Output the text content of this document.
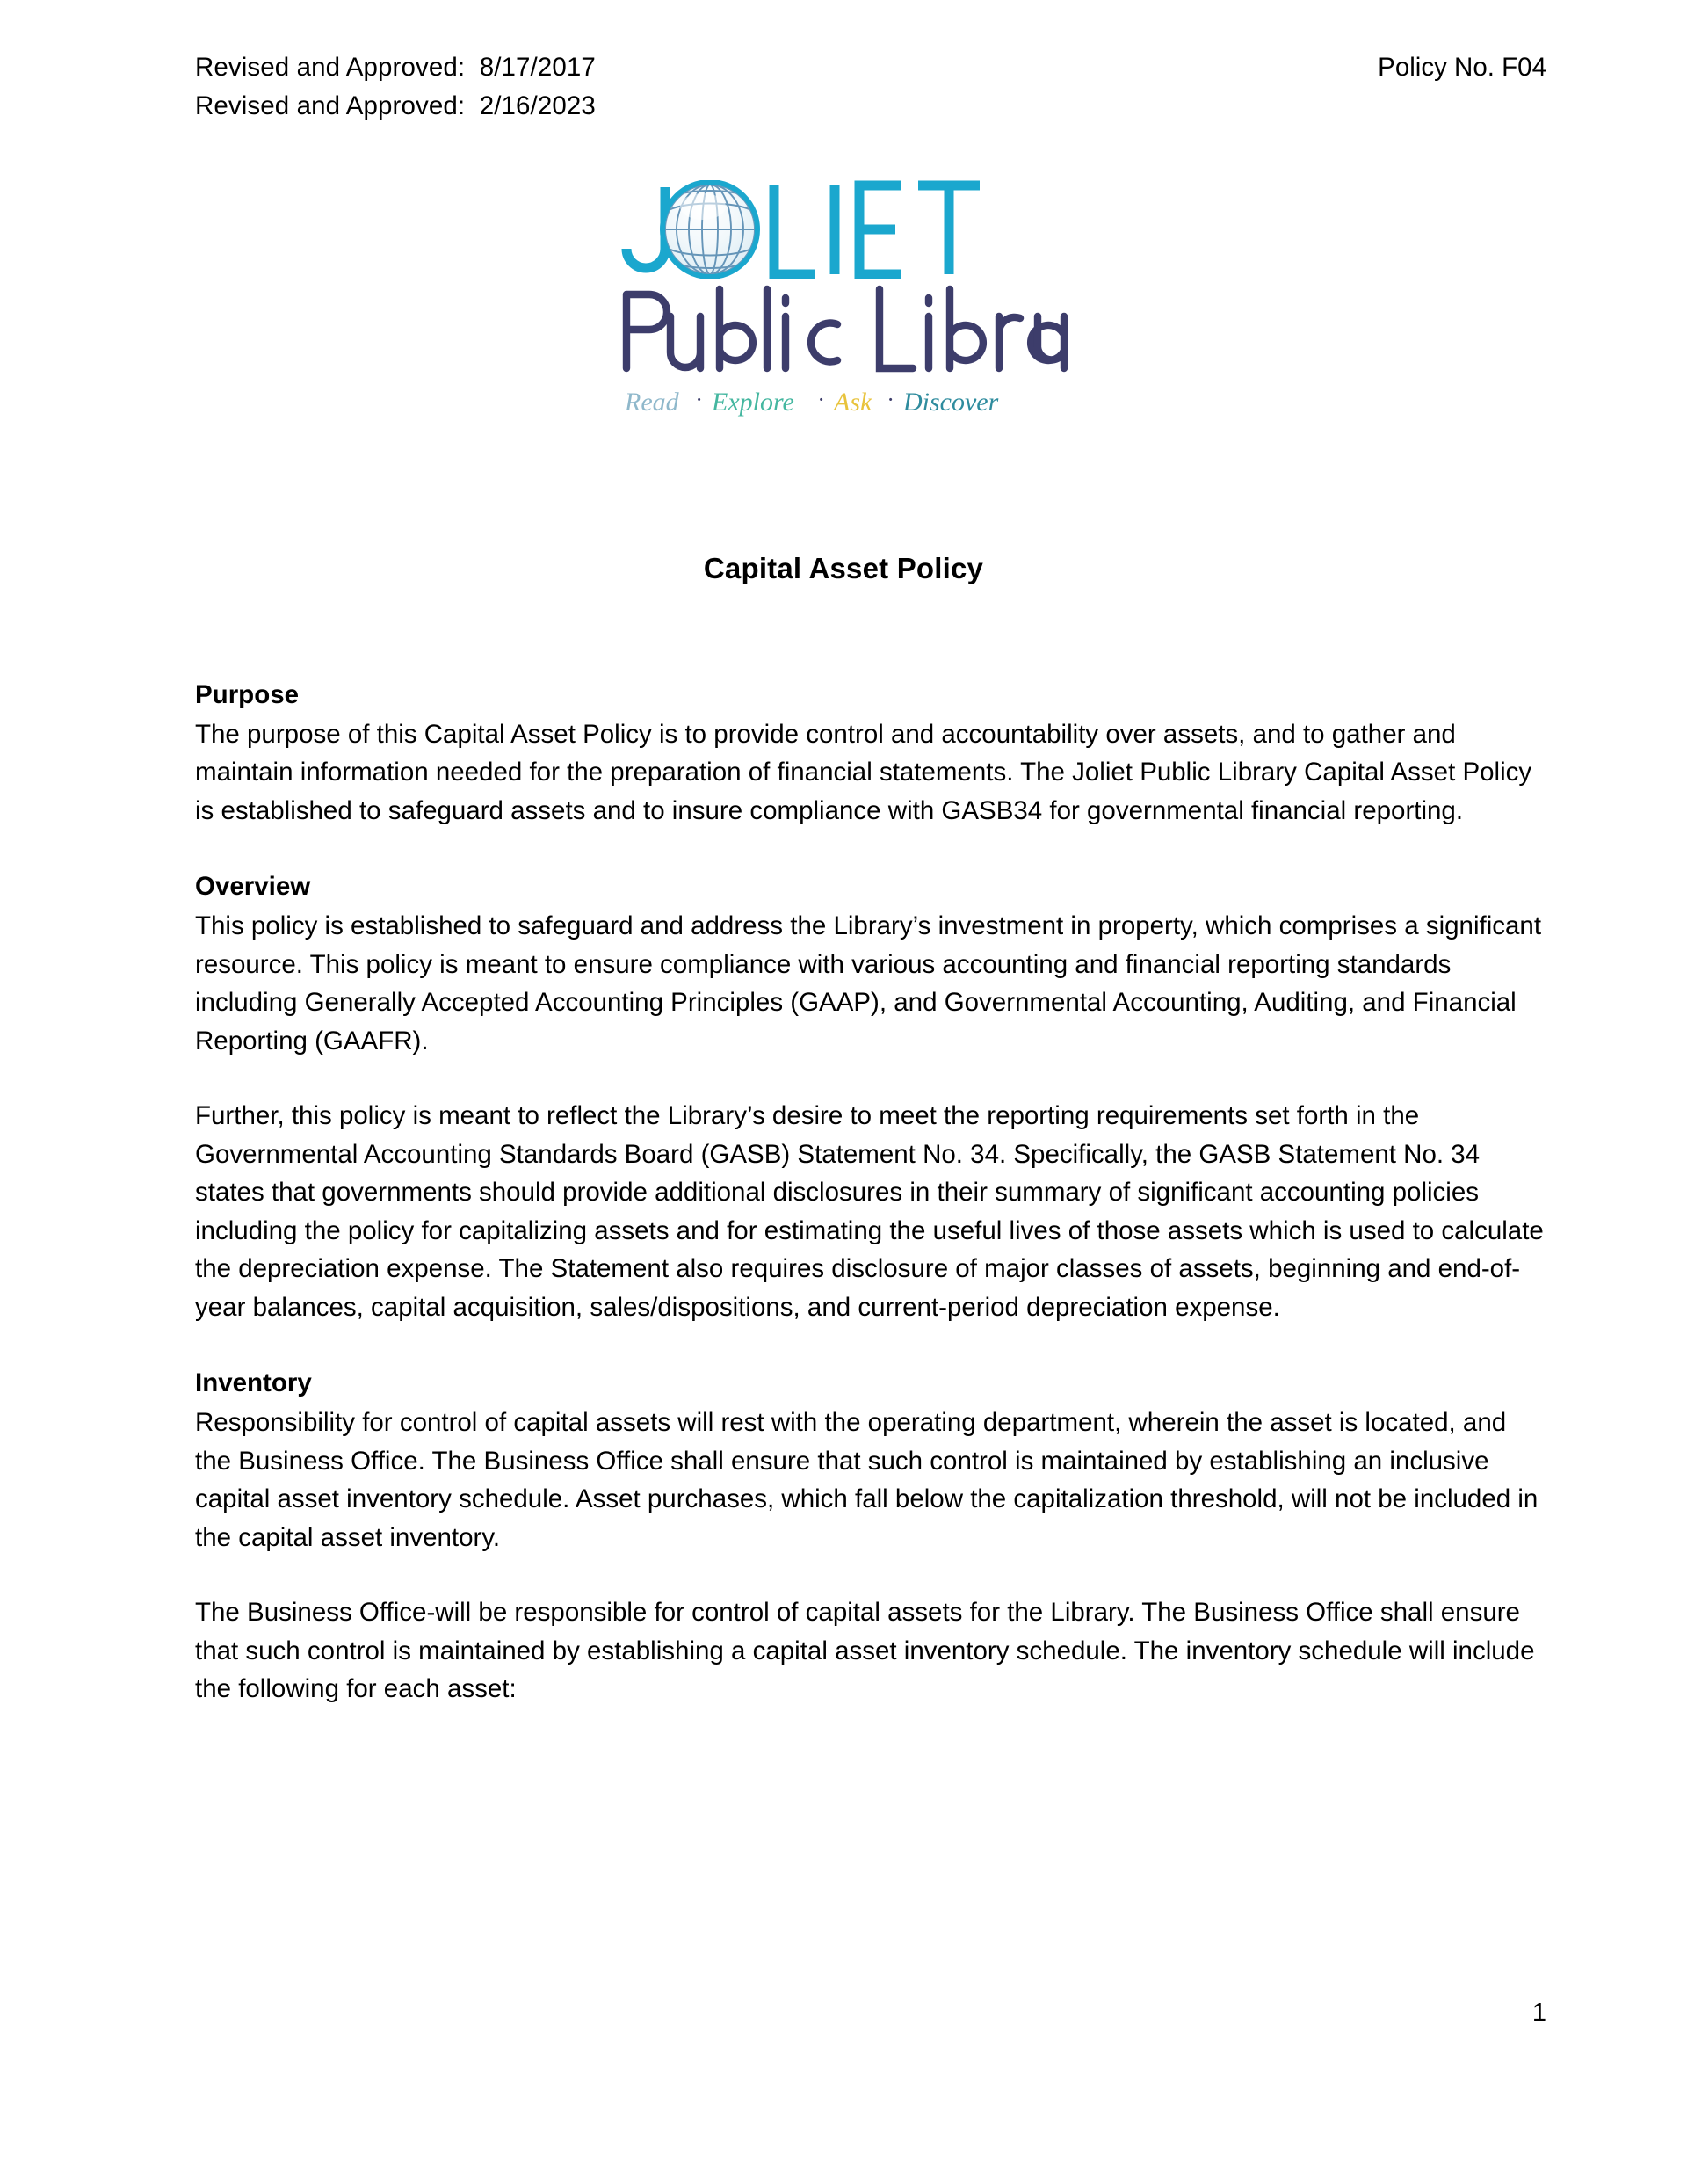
Revised and Approved:  8/17/2017
Revised and Approved:  2/16/2023
Policy No. F04
Read · Explore · Ask · Discover
Capital Asset Policy
Purpose

The purpose of this Capital Asset Policy is to provide control and accountability over assets, and to gather and maintain information needed for the preparation of financial statements. The Joliet Public Library Capital Asset Policy is established to safeguard assets and to insure compliance with GASB34 for governmental financial reporting.

Overview

This policy is established to safeguard and address the Library’s investment in property, which comprises a significant resource. This policy is meant to ensure compliance with various accounting and financial reporting standards including Generally Accepted Accounting Principles (GAAP), and Governmental Accounting, Auditing, and Financial Reporting (GAAFR).

Further, this policy is meant to reflect the Library’s desire to meet the reporting requirements set forth in the Governmental Accounting Standards Board (GASB) Statement No. 34. Specifically, the GASB Statement No. 34 states that governments should provide additional disclosures in their summary of significant accounting policies including the policy for capitalizing assets and for estimating the useful lives of those assets which is used to calculate the depreciation expense. The Statement also requires disclosure of major classes of assets, beginning and end-of-year balances, capital acquisition, sales/dispositions, and current-period depreciation expense.

Inventory

Responsibility for control of capital assets will rest with the operating department, wherein the asset is located, and the Business Office. The Business Office shall ensure that such control is maintained by establishing an inclusive capital asset inventory schedule. Asset purchases, which fall below the capitalization threshold, will not be included in the capital asset inventory.

The Business Office-will be responsible for control of capital assets for the Library. The Business Office shall ensure that such control is maintained by establishing a capital asset inventory schedule. The inventory schedule will include the following for each asset:

1
